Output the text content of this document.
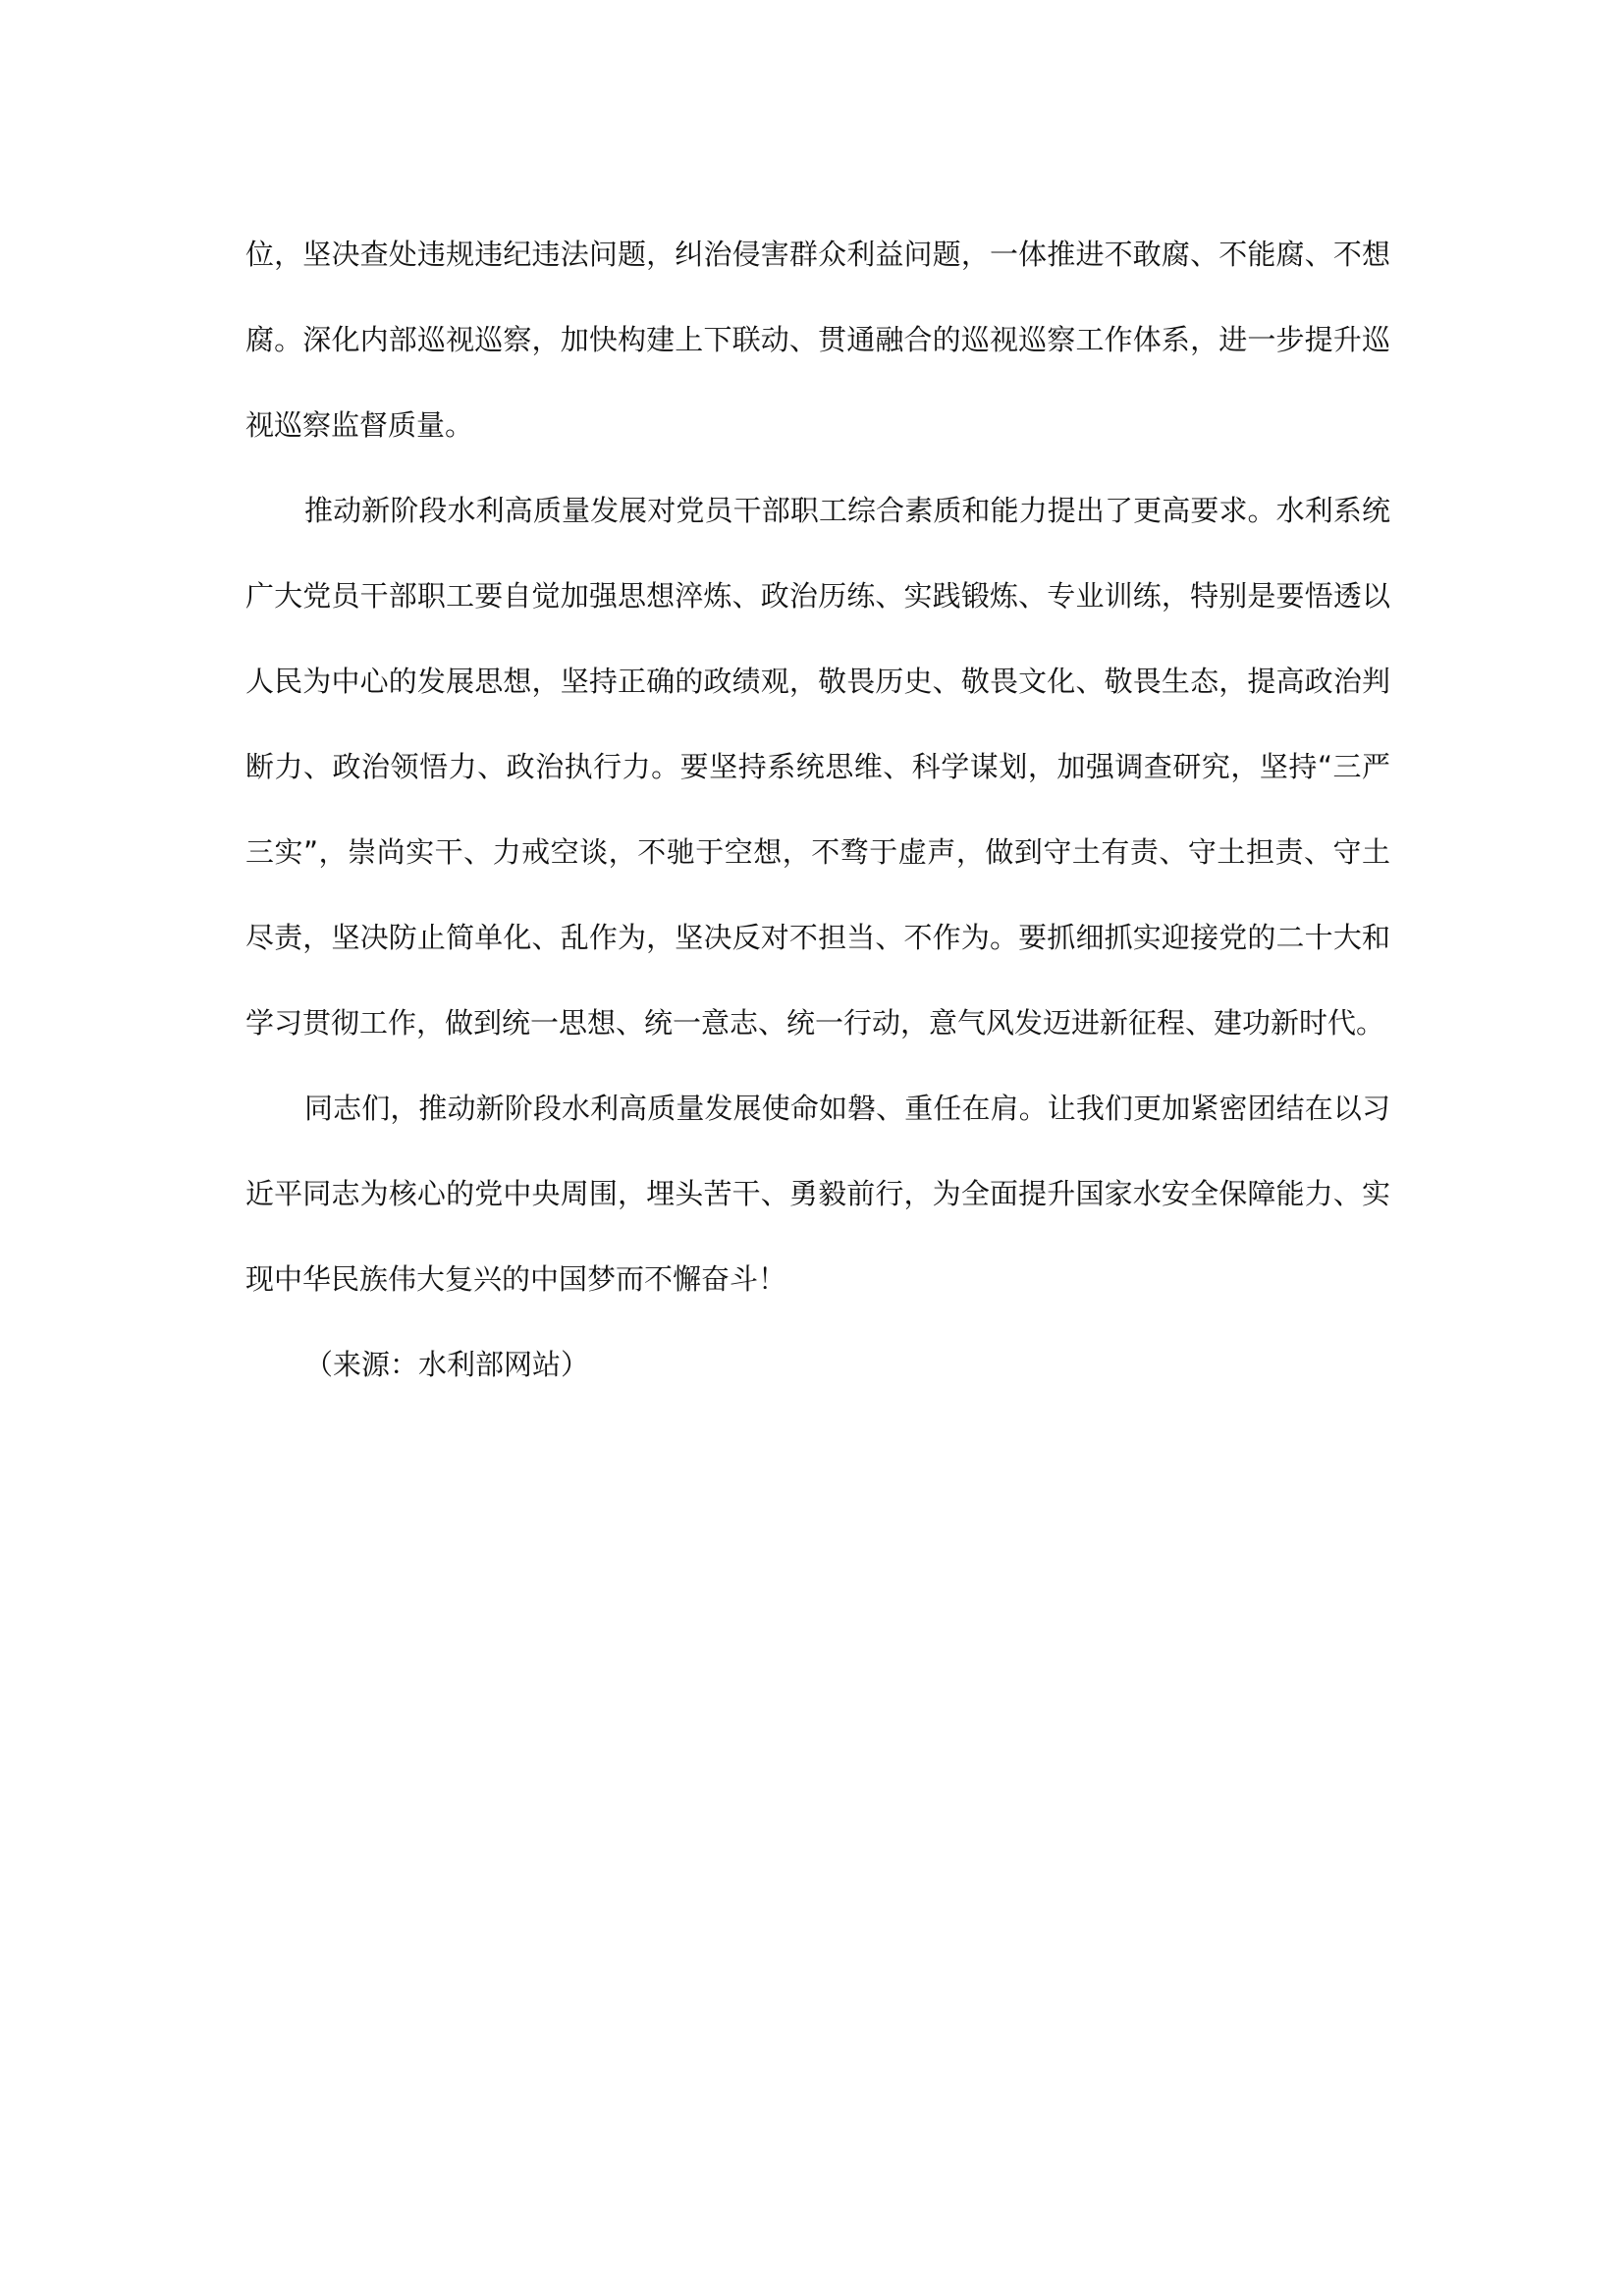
位，坚决查处违规违纪违法问题，纠治侵害群众利益问题，一体推进不敢腐、不能腐、不想腐。深化内部巡视巡察，加快构建上下联动、贯通融合的巡视巡察工作体系，进一步提升巡视巡察监督质量。

推动新阶段水利高质量发展对党员干部职工综合素质和能力提出了更高要求。水利系统广大党员干部职工要自觉加强思想淬炼、政治历练、实践锻炼、专业训练，特别是要悟透以人民为中心的发展思想，坚持正确的政绩观，敬畏历史、敬畏文化、敬畏生态，提高政治判断力、政治领悟力、政治执行力。要坚持系统思维、科学谋划，加强调查研究，坚持“三严三实”，崇尚实干、力戒空谈，不驰于空想，不骛于虚声，做到守土有责、守土担责、守土尽责，坚决防止简单化、乱作为，坚决反对不担当、不作为。要抓细抓实迎接党的二十大和学习贯彻工作，做到统一思想、统一意志、统一行动，意气风发迈进新征程、建功新时代。

同志们，推动新阶段水利高质量发展使命如磐、重任在肩。让我们更加紧密团结在以习近平同志为核心的党中央周围，埋头苦干、勇毅前行，为全面提升国家水安全保障能力、实现中华民族伟大复兴的中国梦而不懈奋斗！

（来源：水利部网站）
